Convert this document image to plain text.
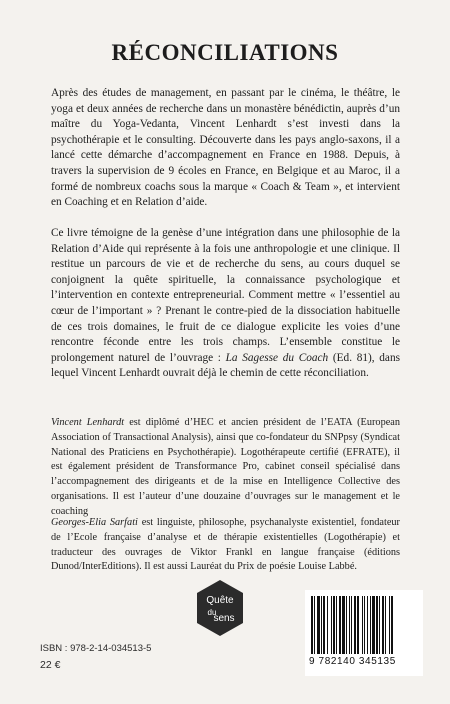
RÉCONCILIATIONS

Après des études de management, en passant par le cinéma, le théâtre, le yoga et deux années de recherche dans un monastère bénédictin, auprès d’un maître du Yoga-Vedanta, Vincent Lenhardt s’est investi dans la psychothérapie et le consulting. Découverte dans les pays anglo-saxons, il a lancé cette démarche d’accompagnement en France en 1988. Depuis, à travers la supervision de 9 écoles en France, en Belgique et au Maroc, il a formé de nombreux coachs sous la marque « Coach & Team », et intervient en Coaching et en Relation d’aide.

Ce livre témoigne de la genèse d’une intégration dans une philosophie de la Relation d’Aide qui représente à la fois une anthropologie et une clinique. Il restitue un parcours de vie et de recherche du sens, au cours duquel se conjoignent la quête spirituelle, la connaissance psychologique et l’intervention en contexte entrepreneurial. Comment mettre « l’essentiel au cœur de l’important » ? Prenant le contre-pied de la dissociation habituelle de ces trois domaines, le fruit de ce dialogue explicite les voies d’une rencontre féconde entre les trois champs. L’ensemble constitue le prolongement naturel de l’ouvrage : La Sagesse du Coach (Ed. 81), dans lequel Vincent Lenhardt ouvrait déjà le chemin de cette réconciliation.

Vincent Lenhardt est diplômé d’HEC et ancien président de l’EATA (European Association of Transactional Analysis), ainsi que co-fondateur du SNPpsy (Syndicat National des Praticiens en Psychothérapie). Logothérapeute certifié (EFRATE), il est également président de Transformance Pro, cabinet conseil spécialisé dans l’accompagnement des dirigeants et de la mise en Intelligence Collective des organisations. Il est l’auteur d’une douzaine d’ouvrages sur le management et le coaching

Georges-Elia Sarfati est linguiste, philosophe, psychanalyste existentiel, fondateur de l’Ecole française d’analyse et de thérapie existentielles (Logothérapie) et traducteur des ouvrages de Viktor Frankl en langue française (éditions Dunod/InterEditions). Il est aussi Lauréat du Prix de poésie Louise Labbé.

Quête
du
sens
ISBN : 978-2-14-034513-5
22 €	9 782140 345135
